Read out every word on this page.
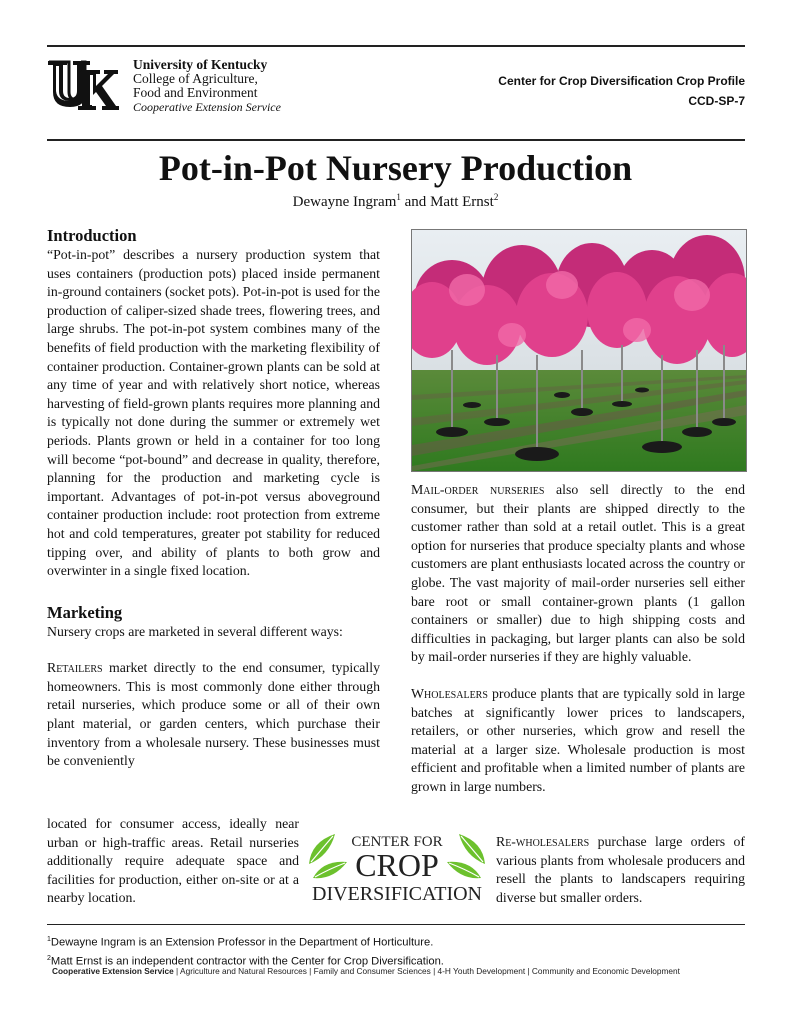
University of Kentucky
College of Agriculture,
Food and Environment
Cooperative Extension Service
Center for Crop Diversification Crop Profile
CCD-SP-7
Pot-in-Pot Nursery Production
Dewayne Ingram$^1$ and Matt Ernst$^2$
Introduction

“Pot-in-pot” describes a nursery production system that uses containers (production pots) placed inside permanent in-ground containers (socket pots). Pot-in-pot is used for the production of caliper-sized shade trees, flowering trees, and large shrubs. The pot-in-pot system combines many of the benefits of field production with the marketing flexibility of container production. Container-grown plants can be sold at any time of year and with relatively short notice, whereas harvesting of field-grown plants requires more planning and is typically not done during the summer or extremely wet periods. Plants grown or held in a container for too long will become “pot-bound” and decrease in quality, therefore, planning for the production and marketing cycle is important. Advantages of pot-in-pot versus aboveground container production include: root protection from extreme hot and cold temperatures, greater pot stability for reduced tipping over, and ability of plants to both grow and overwinter in a single fixed location.

Marketing

Nursery crops are marketed in several different ways:

Retailers market directly to the end consumer, typically homeowners. This is most commonly done either through retail nurseries, which produce some or all of their own plant material, or garden centers, which purchase their inventory from a wholesale nursery. These businesses must be conveniently

located for consumer access, ideally near urban or high-traffic areas. Retail nurseries additionally require adequate space and facilities for production, either on-site or at a nearby location.

Mail-order nurseries also sell directly to the end consumer, but their plants are shipped directly to the customer rather than sold at a retail outlet. This is a great option for nurseries that produce specialty plants and whose customers are plant enthusiasts located across the country or globe. The vast majority of mail-order nurseries sell either bare root or small container-grown plants (1 gallon containers or smaller) due to high shipping costs and difficulties in packaging, but larger plants can also be sold by mail-order nurseries if they are highly valuable.

Wholesalers produce plants that are typically sold in large batches at significantly lower prices to landscapers, retailers, or other nurseries, which grow and resell the material at a larger size. Wholesale production is most efficient and profitable when a limited number of plants are grown in large numbers.

Re-wholesalers purchase large orders of various plants from wholesale producers and resell the plants to landscapers requiring diverse but smaller orders.

CENTER FOR
CROP
DIVERSIFICATION
$^1$Dewayne Ingram is an Extension Professor in the Department of Horticulture.
$^2$Matt Ernst is an independent contractor with the Center for Crop Diversification.
Cooperative Extension Service | Agriculture and Natural Resources | Family and Consumer Sciences | 4-H Youth Development | Community and Economic Development
